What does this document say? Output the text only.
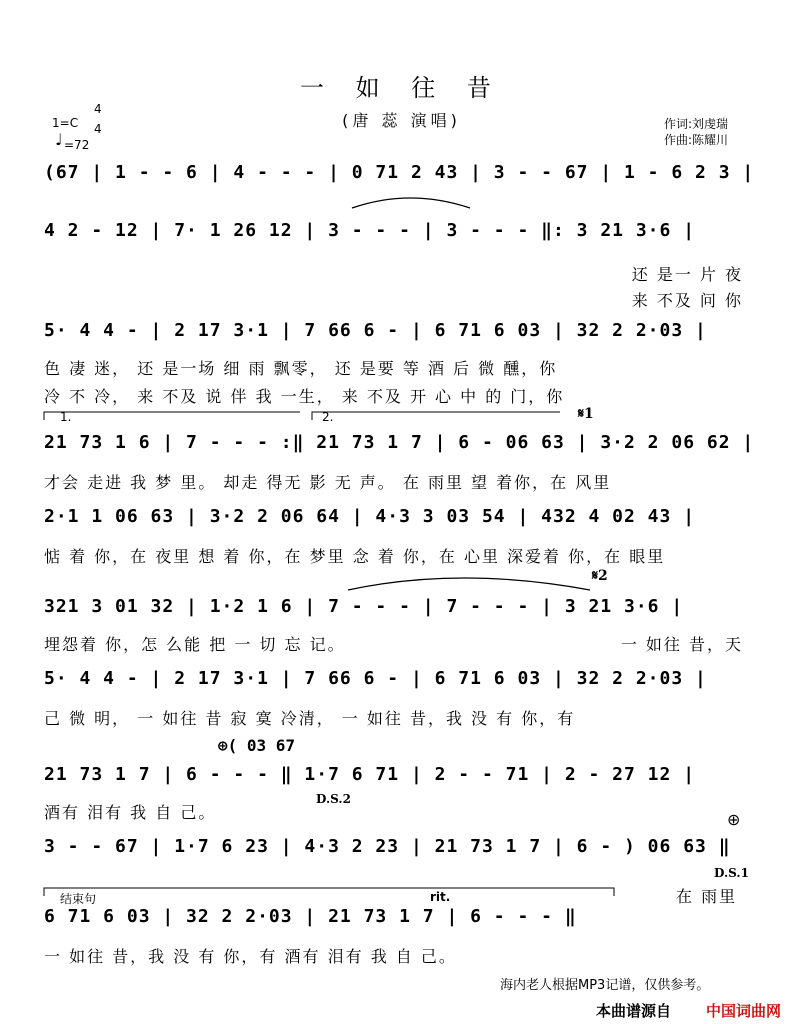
一 如 往 昔
(唐 蕊 演唱)
1=C
4
4
=72
♩
作词:刘虔瑞
作曲:陈耀川
(67 | 1 - - 6 | 4 - - - | 0 71 2 43 | 3 - - 67 | 1 - 6 2 3 |
4 2 - 12 | 7· 1 26 12 | 3 - - - | 3 - - - ‖: 3 21 3·6 |
还 是一 片 夜
来 不及 问 你
5· 4 4 - | 2 17 3·1 | 7 66 6 - | 6 71 6 03 | 32 2 2·03 |
色 凄 迷， 还 是一场 细 雨 飘零， 还 是要 等 酒 后 微 醺，你
冷 不 冷， 来 不及 说 伴 我 一生， 来 不及 开 心 中 的 门，你
1.	2.	𝄋1
21 73 1 6 | 7 - - - :‖ 21 73 1 7 | 6 - 06 63 | 3·2 2 06 62 |
才会 走进 我 梦 里。 却走 得无 影 无 声。 在 雨里 望 着你，在 风里
2·1 1 06 63 | 3·2 2 06 64 | 4·3 3 03 54 | 432 4 02 43 |
惦 着 你，在 夜里 想 着 你，在 梦里 念 着 你，在 心里 深爱着 你，在 眼里
𝄋2
321 3 01 32 | 1·2 1 6 | 7 - - - | 7 - - - | 3 21 3·6 |
埋怨着 你，怎 么能 把 一 切 忘 记。	一 如往 昔，天
5· 4 4 - | 2 17 3·1 | 7 66 6 - | 6 71 6 03 | 32 2 2·03 |
己 微 明， 一 如往 昔 寂 寞 冷清， 一 如往 昔，我 没 有 你，有
⊕( 03 67
21 73 1 7 | 6 - - - ‖ 1·7 6 71 | 2 - - 71 | 2 - 27 12 |
D.S.2
酒有 泪有 我 自 己。	⊕
3 - - 67 | 1·7 6 23 | 4·3 2 23 | 21 73 1 7 | 6 - ) 06 63 ‖
D.S.1
结束句	rit.	在 雨里
6 71 6 03 | 32 2 2·03 | 21 73 1 7 | 6 - - - ‖
一 如往 昔，我 没 有 你，有 酒有 泪有 我 自 己。
海内老人根据MP3记谱，仅供参考。
本曲谱源自 中国词曲网
